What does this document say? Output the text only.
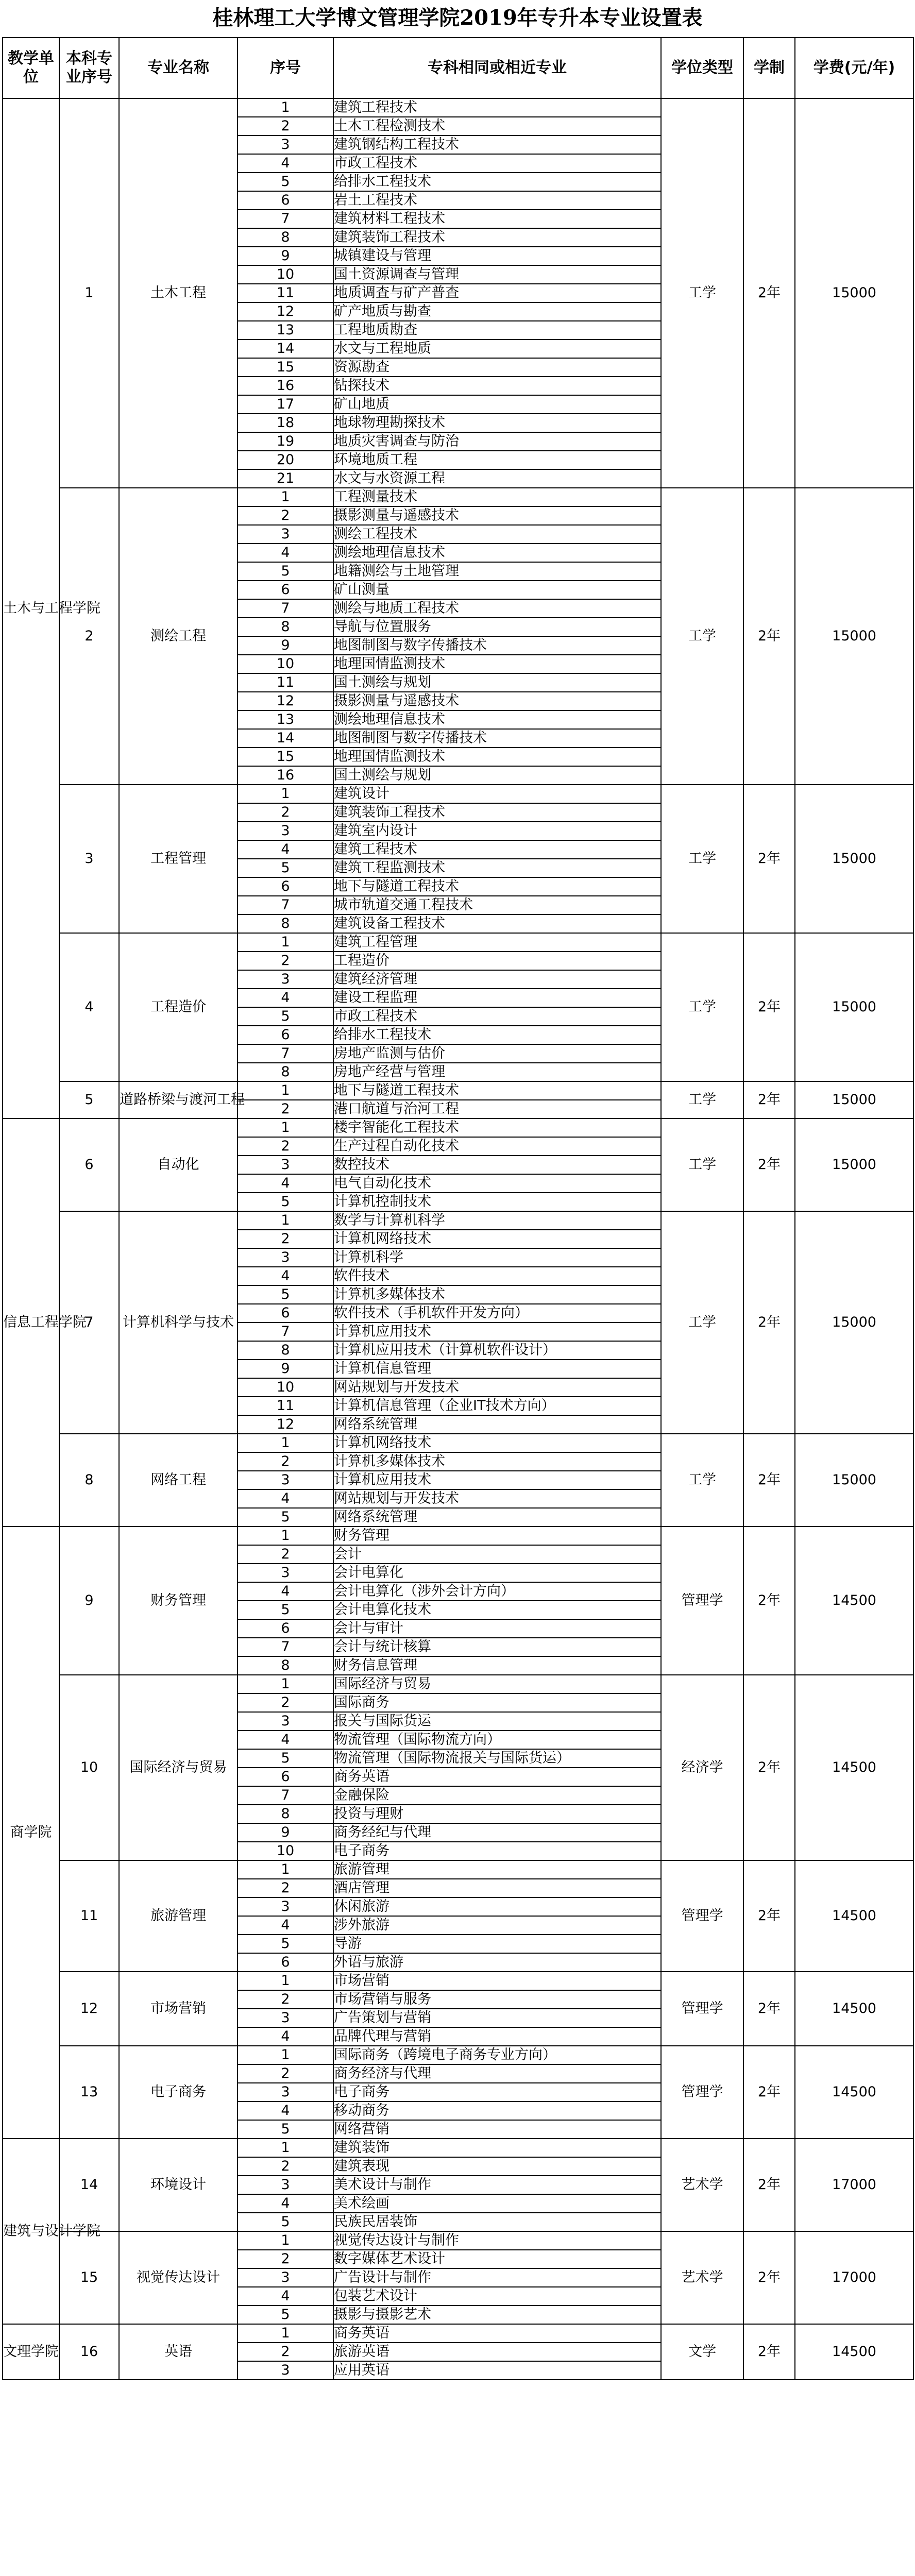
桂林理工大学博文管理学院2019年专升本专业设置表
教学单位	本科专业序号	专业名称	序号	专科相同或相近专业	学位类型	学制	学费(元/年)
土木与工程学院	1	土木工程	1	建筑工程技术	工学	2年	15000
			2	土木工程检测技术			
			3	建筑钢结构工程技术			
			4	市政工程技术			
			5	给排水工程技术			
			6	岩土工程技术			
			7	建筑材料工程技术			
			8	建筑装饰工程技术			
			9	城镇建设与管理			
			10	国土资源调查与管理			
			11	地质调查与矿产普查			
			12	矿产地质与勘查			
			13	工程地质勘查			
			14	水文与工程地质			
			15	资源勘查			
			16	钻探技术			
			17	矿山地质			
			18	地球物理勘探技术			
			19	地质灾害调查与防治			
			20	环境地质工程			
			21	水文与水资源工程			
	2	测绘工程	1	工程测量技术	工学	2年	15000
			2	摄影测量与遥感技术			
			3	测绘工程技术			
			4	测绘地理信息技术			
			5	地籍测绘与土地管理			
			6	矿山测量			
			7	测绘与地质工程技术			
			8	导航与位置服务			
			9	地图制图与数字传播技术			
			10	地理国情监测技术			
			11	国土测绘与规划			
			12	摄影测量与遥感技术			
			13	测绘地理信息技术			
			14	地图制图与数字传播技术			
			15	地理国情监测技术			
			16	国土测绘与规划			
	3	工程管理	1	建筑设计	工学	2年	15000
			2	建筑装饰工程技术			
			3	建筑室内设计			
			4	建筑工程技术			
			5	建筑工程监测技术			
			6	地下与隧道工程技术			
			7	城市轨道交通工程技术			
			8	建筑设备工程技术			
	4	工程造价	1	建筑工程管理	工学	2年	15000
			2	工程造价			
			3	建筑经济管理			
			4	建设工程监理			
			5	市政工程技术			
			6	给排水工程技术			
			7	房地产监测与估价			
			8	房地产经营与管理			
	5	道路桥梁与渡河工程	1	地下与隧道工程技术	工学	2年	15000
			2	港口航道与治河工程			
信息工程学院	6	自动化	1	楼宇智能化工程技术	工学	2年	15000
			2	生产过程自动化技术			
			3	数控技术			
			4	电气自动化技术			
			5	计算机控制技术			
	7	计算机科学与技术	1	数学与计算机科学	工学	2年	15000
			2	计算机网络技术			
			3	计算机科学			
			4	软件技术			
			5	计算机多媒体技术			
			6	软件技术（手机软件开发方向）			
			7	计算机应用技术			
			8	计算机应用技术（计算机软件设计）			
			9	计算机信息管理			
			10	网站规划与开发技术			
			11	计算机信息管理（企业IT技术方向）			
			12	网络系统管理			
	8	网络工程	1	计算机网络技术	工学	2年	15000
			2	计算机多媒体技术			
			3	计算机应用技术			
			4	网站规划与开发技术			
			5	网络系统管理			
商学院	9	财务管理	1	财务管理	管理学	2年	14500
			2	会计			
			3	会计电算化			
			4	会计电算化（涉外会计方向）			
			5	会计电算化技术			
			6	会计与审计			
			7	会计与统计核算			
			8	财务信息管理			
	10	国际经济与贸易	1	国际经济与贸易	经济学	2年	14500
			2	国际商务			
			3	报关与国际货运			
			4	物流管理（国际物流方向）			
			5	物流管理（国际物流报关与国际货运）			
			6	商务英语			
			7	金融保险			
			8	投资与理财			
			9	商务经纪与代理			
			10	电子商务			
	11	旅游管理	1	旅游管理	管理学	2年	14500
			2	酒店管理			
			3	休闲旅游			
			4	涉外旅游			
			5	导游			
			6	外语与旅游			
	12	市场营销	1	市场营销	管理学	2年	14500
			2	市场营销与服务			
			3	广告策划与营销			
			4	品牌代理与营销			
	13	电子商务	1	国际商务（跨境电子商务专业方向）	管理学	2年	14500
			2	商务经济与代理			
			3	电子商务			
			4	移动商务			
			5	网络营销			
建筑与设计学院	14	环境设计	1	建筑装饰	艺术学	2年	17000
			2	建筑表现			
			3	美术设计与制作			
			4	美术绘画			
			5	民族民居装饰			
	15	视觉传达设计	1	视觉传达设计与制作	艺术学	2年	17000
			2	数字媒体艺术设计			
			3	广告设计与制作			
			4	包装艺术设计			
			5	摄影与摄影艺术			
文理学院	16	英语	1	商务英语	文学	2年	14500
			2	旅游英语			
			3	应用英语			
